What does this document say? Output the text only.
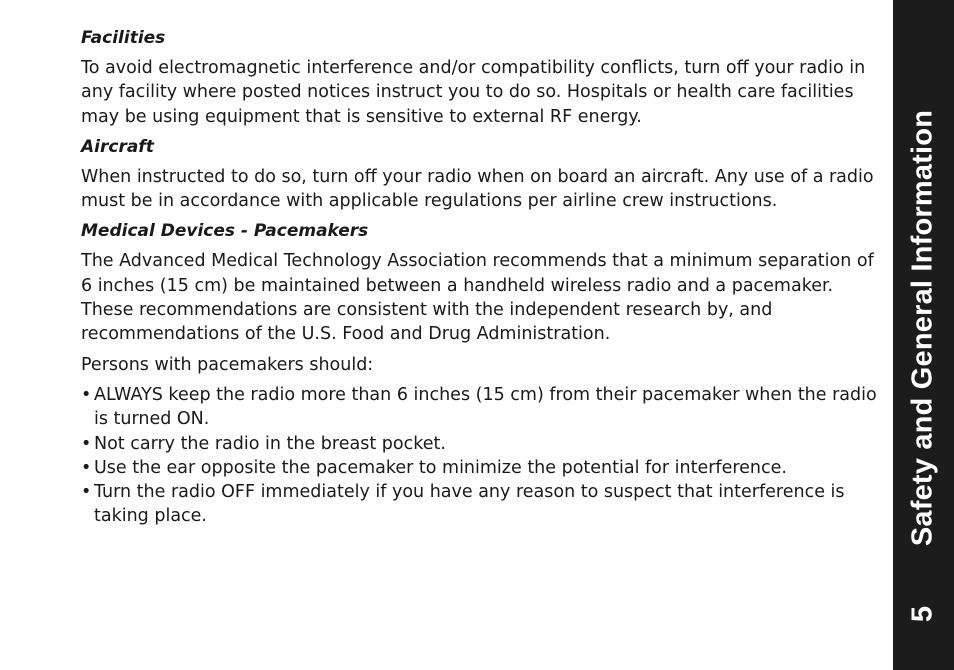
Facilities

To avoid electromagnetic interference and/or compatibility conflicts, turn off your radio in any facility where posted notices instruct you to do so. Hospitals or health care facilities may be using equipment that is sensitive to external RF energy.

Aircraft

When instructed to do so, turn off your radio when on board an aircraft. Any use of a radio must be in accordance with applicable regulations per airline crew instructions.

Medical Devices - Pacemakers

The Advanced Medical Technology Association recommends that a minimum separation of 6 inches (15 cm) be maintained between a handheld wireless radio and a pacemaker. These recommendations are consistent with the independent research by, and recommendations of the U.S. Food and Drug Administration.

Persons with pacemakers should:

• ALWAYS keep the radio more than 6 inches (15 cm) from their pacemaker when the radio is turned ON.
• Not carry the radio in the breast pocket.
• Use the ear opposite the pacemaker to minimize the potential for interference.
• Turn the radio OFF immediately if you have any reason to suspect that interference is taking place.	Safety and General Information
5
